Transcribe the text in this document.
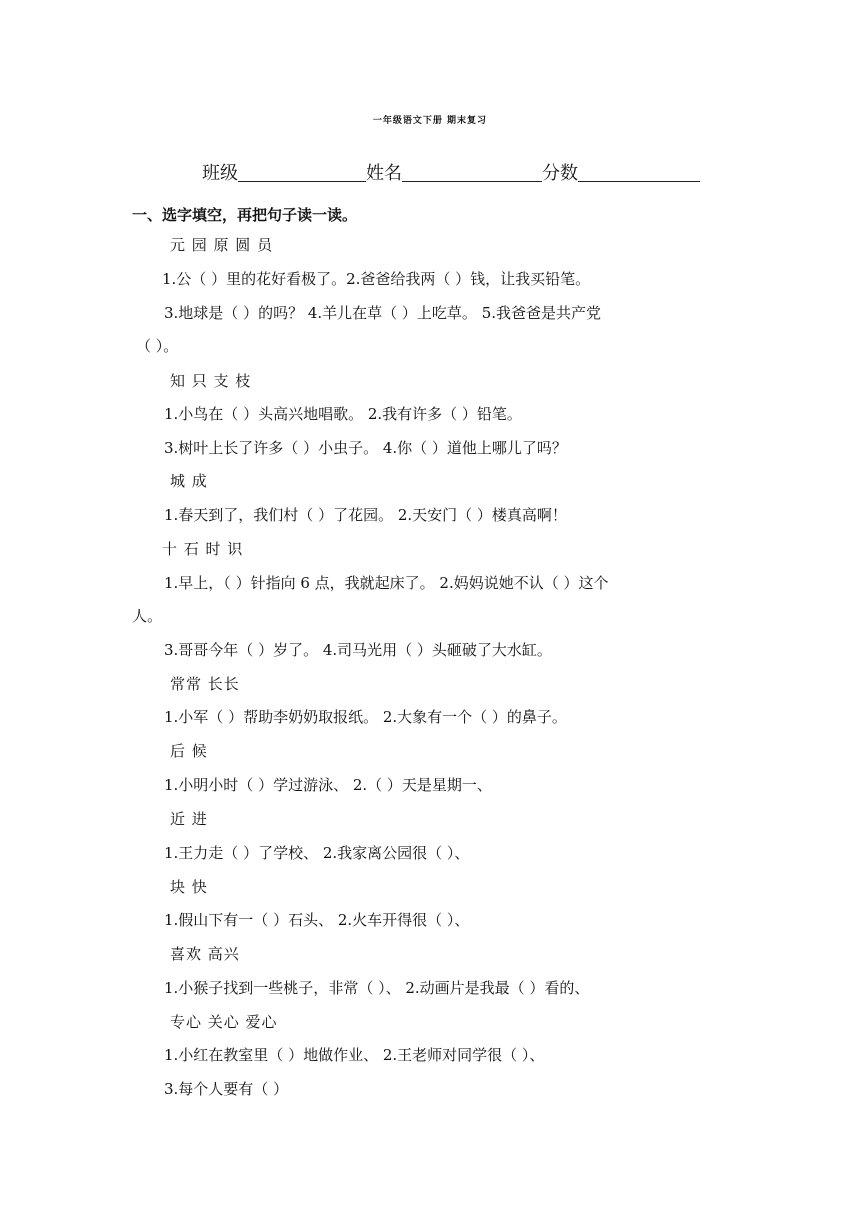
一年级语文下册 期末复习
班级	姓名	分数
一、选字填空，再把句子读一读。
元 园 原 圆 员
1.公（ ）里的花好看极了。2.爸爸给我两（ ）钱，让我买铅笔。
3.地球是（ ）的吗？ 4.羊儿在草（ ）上吃草。 5.我爸爸是共产党
（ ）。
知 只 支 枝
1.小鸟在（ ）头高兴地唱歌。 2.我有许多（ ）铅笔。
3.树叶上长了许多（ ）小虫子。 4.你（ ）道他上哪儿了吗？
城 成
1.春天到了，我们村（ ）了花园。 2.天安门（ ）楼真高啊！
十 石 时 识
1.早上，（ ）针指向 6 点，我就起床了。 2.妈妈说她不认（ ）这个
人。
3.哥哥今年（ ）岁了。 4.司马光用（ ）头砸破了大水缸。
常常 长长
1.小军（ ）帮助李奶奶取报纸。 2.大象有一个（ ）的鼻子。
后 候
1.小明小时（ ）学过游泳、 2.（ ）天是星期一、
近 进
1.王力走（ ）了学校、 2.我家离公园很（ ）、
块 快
1.假山下有一（ ）石头、 2.火车开得很（ ）、
喜欢 高兴
1.小猴子找到一些桃子，非常（ ）、 2.动画片是我最（ ）看的、
专心 关心 爱心
1.小红在教室里（ ）地做作业、 2.王老师对同学很（ ）、
3.每个人要有（ ）
